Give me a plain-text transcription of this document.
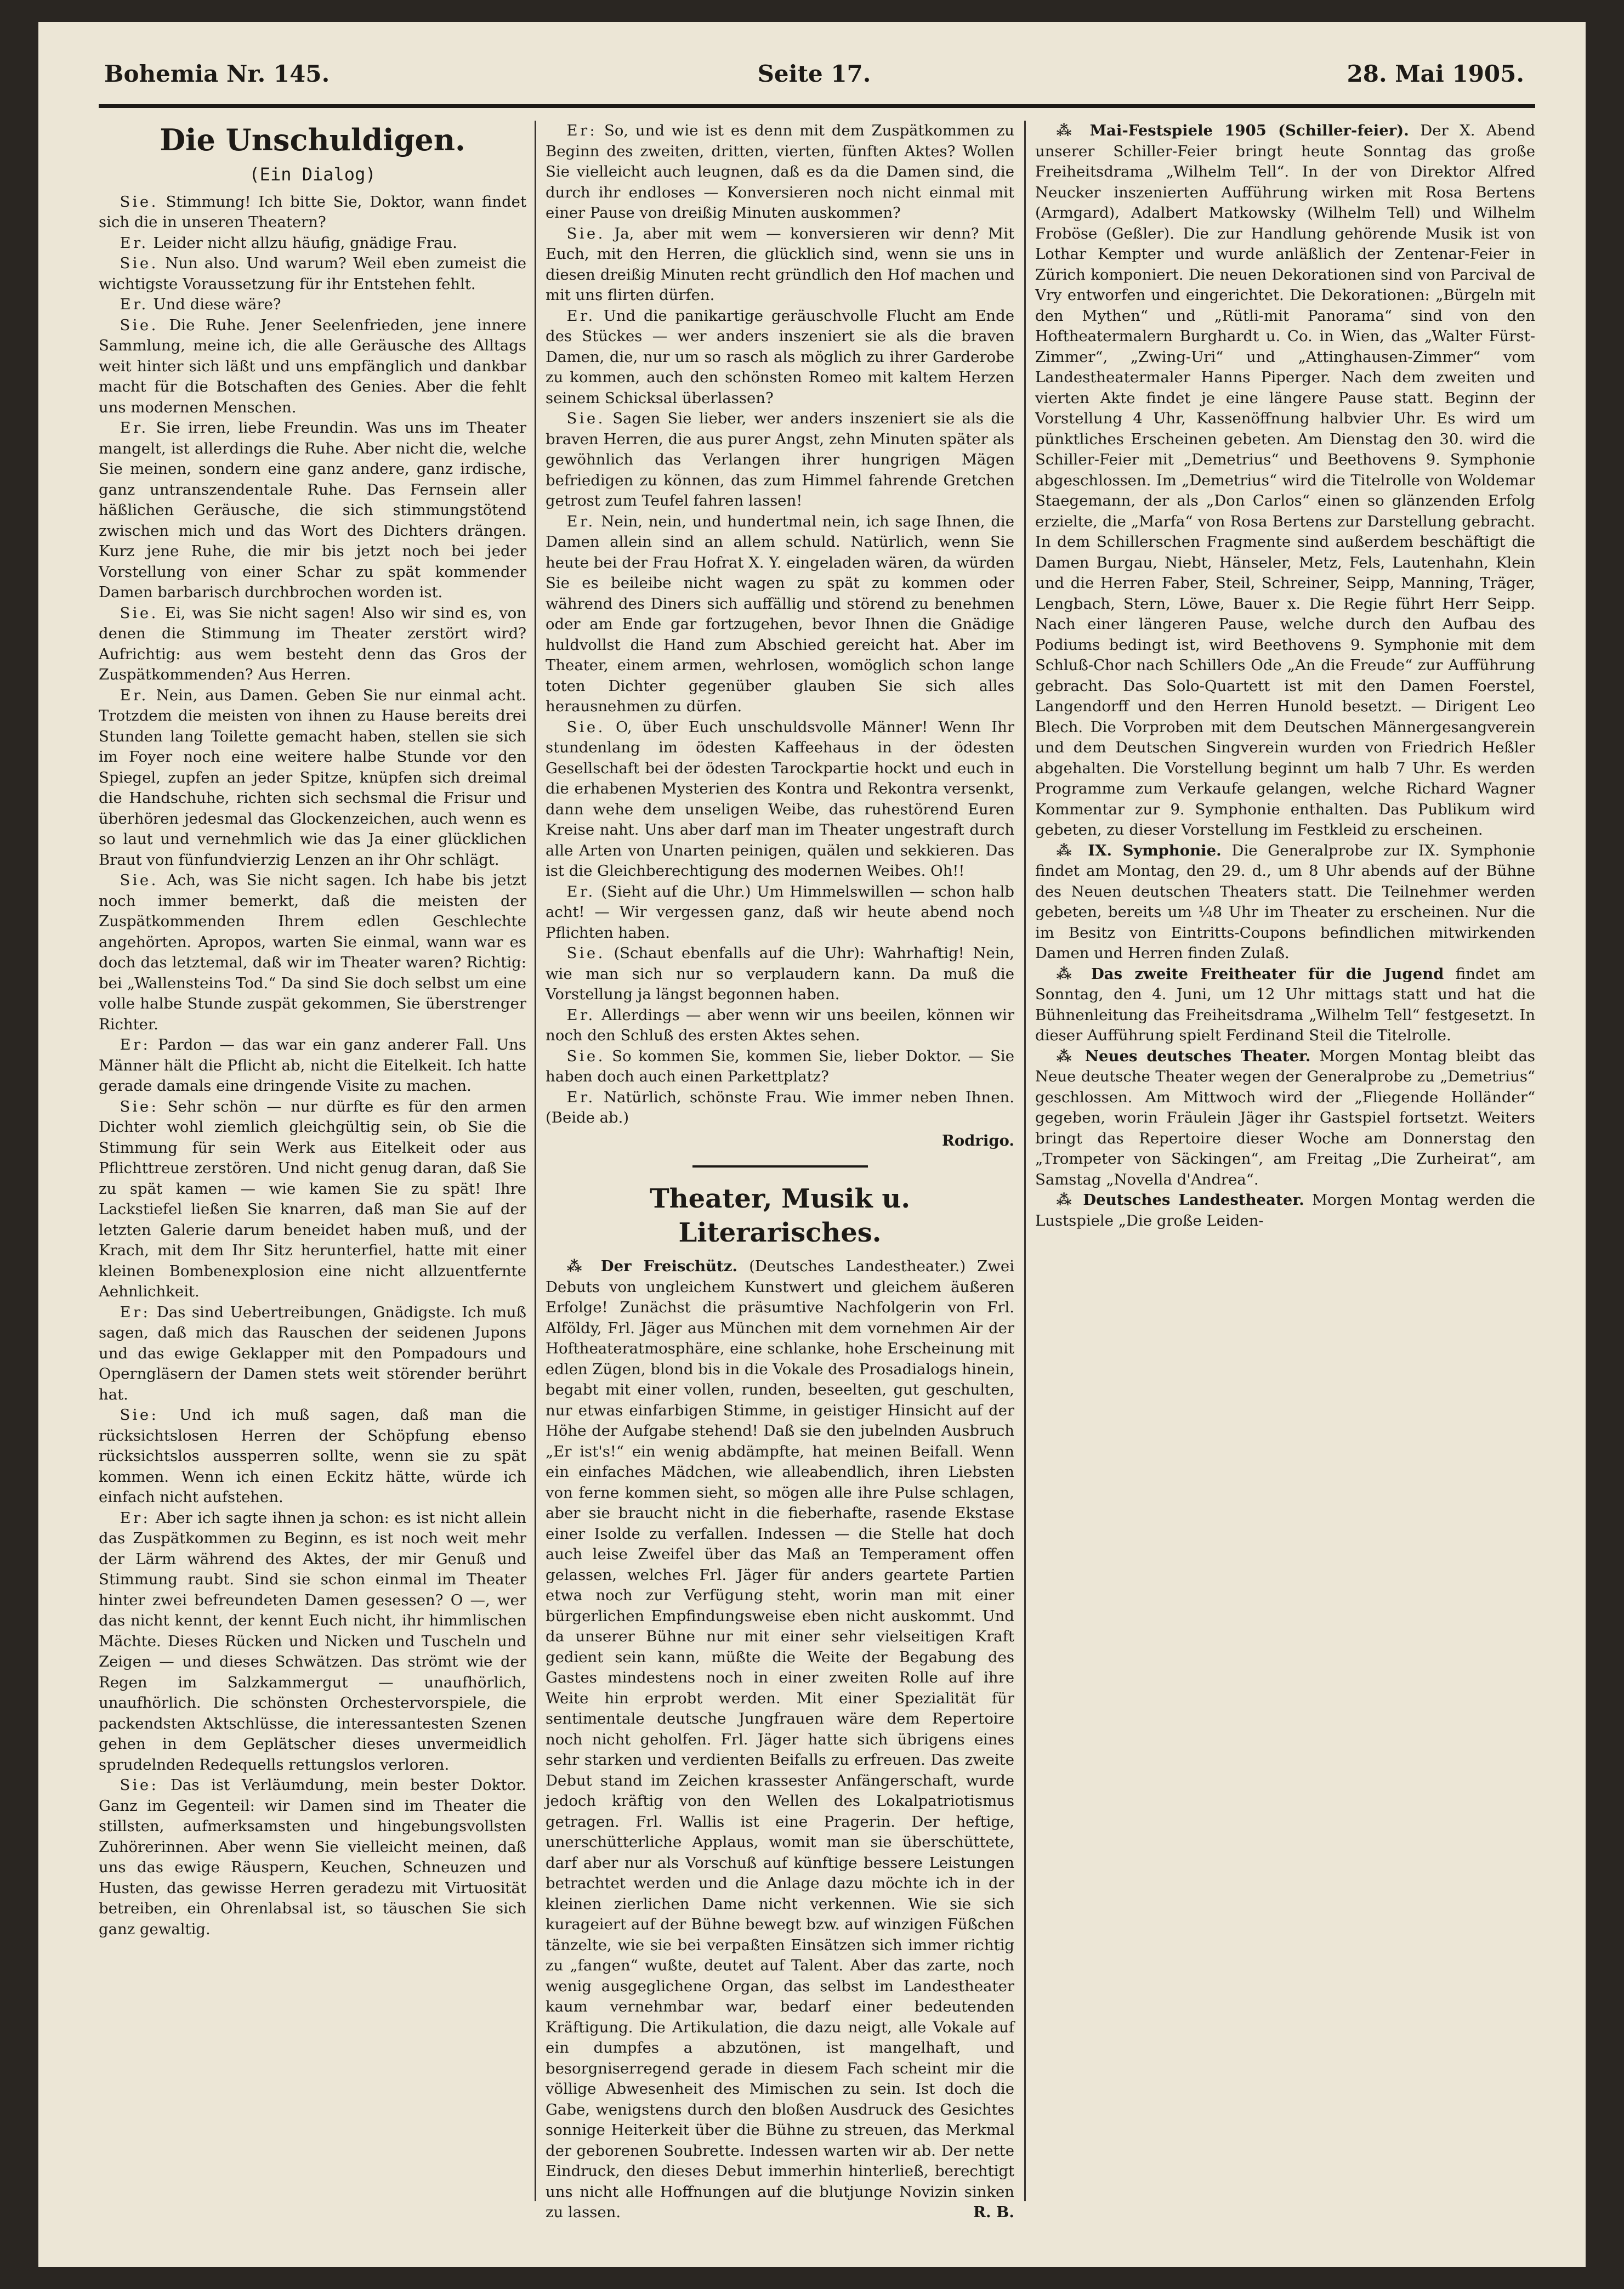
Bohemia Nr. 145.	Seite 17.	28. Mai 1905.
Die Unschuldigen.
(Ein Dialog)

Sie. Stimmung! Ich bitte Sie, Doktor, wann findet sich die in unseren Theatern?

Er. Leider nicht allzu häufig, gnädige Frau.

Sie. Nun also. Und warum? Weil eben zumeist die wichtigste Voraussetzung für ihr Entstehen fehlt.

Er. Und diese wäre?

Sie. Die Ruhe. Jener Seelenfrieden, jene innere Sammlung, meine ich, die alle Geräusche des Alltags weit hinter sich läßt und uns empfänglich und dankbar macht für die Botschaften des Genies. Aber die fehlt uns modernen Menschen.

Er. Sie irren, liebe Freundin. Was uns im Theater mangelt, ist allerdings die Ruhe. Aber nicht die, welche Sie meinen, sondern eine ganz andere, ganz irdische, ganz untranszendentale Ruhe. Das Fernsein aller häßlichen Geräusche, die sich stimmungstötend zwischen mich und das Wort des Dichters drängen. Kurz jene Ruhe, die mir bis jetzt noch bei jeder Vorstellung von einer Schar zu spät kommender Damen barbarisch durchbrochen worden ist.

Sie. Ei, was Sie nicht sagen! Also wir sind es, von denen die Stimmung im Theater zerstört wird? Aufrichtig: aus wem besteht denn das Gros der Zuspätkommenden? Aus Herren.

Er. Nein, aus Damen. Geben Sie nur einmal acht. Trotzdem die meisten von ihnen zu Hause bereits drei Stunden lang Toilette gemacht haben, stellen sie sich im Foyer noch eine weitere halbe Stunde vor den Spiegel, zupfen an jeder Spitze, knüpfen sich dreimal die Handschuhe, richten sich sechsmal die Frisur und überhören jedesmal das Glockenzeichen, auch wenn es so laut und vernehmlich wie das Ja einer glücklichen Braut von fünfundvierzig Lenzen an ihr Ohr schlägt.

Sie. Ach, was Sie nicht sagen. Ich habe bis jetzt noch immer bemerkt, daß die meisten der Zuspätkommenden Ihrem edlen Geschlechte angehörten. Apropos, warten Sie einmal, wann war es doch das letztemal, daß wir im Theater waren? Richtig: bei „Wallensteins Tod.“ Da sind Sie doch selbst um eine volle halbe Stunde zuspät gekommen, Sie überstrenger Richter.

Er: Pardon — das war ein ganz anderer Fall. Uns Männer hält die Pflicht ab, nicht die Eitelkeit. Ich hatte gerade damals eine dringende Visite zu machen.

Sie: Sehr schön — nur dürfte es für den armen Dichter wohl ziemlich gleichgültig sein, ob Sie die Stimmung für sein Werk aus Eitelkeit oder aus Pflichttreue zerstören. Und nicht genug daran, daß Sie zu spät kamen — wie kamen Sie zu spät! Ihre Lackstiefel ließen Sie knarren, daß man Sie auf der letzten Galerie darum beneidet haben muß, und der Krach, mit dem Ihr Sitz herunterfiel, hatte mit einer kleinen Bombenexplosion eine nicht allzuentfernte Aehnlichkeit.

Er: Das sind Uebertreibungen, Gnädigste. Ich muß sagen, daß mich das Rauschen der seidenen Jupons und das ewige Geklapper mit den Pompadours und Operngläsern der Damen stets weit störender berührt hat.

Sie: Und ich muß sagen, daß man die rücksichtslosen Herren der Schöpfung ebenso rücksichtslos aussperren sollte, wenn sie zu spät kommen. Wenn ich einen Eckitz hätte, würde ich einfach nicht aufstehen.

Er: Aber ich sagte ihnen ja schon: es ist nicht allein das Zuspätkommen zu Beginn, es ist noch weit mehr der Lärm während des Aktes, der mir Genuß und Stimmung raubt. Sind sie schon einmal im Theater hinter zwei befreundeten Damen gesessen? O —, wer das nicht kennt, der kennt Euch nicht, ihr himmlischen Mächte. Dieses Rücken und Nicken und Tuscheln und Zeigen — und dieses Schwätzen. Das strömt wie der Regen im Salzkammergut — unaufhörlich, unaufhörlich. Die schönsten Orchestervorspiele, die packendsten Aktschlüsse, die interessantesten Szenen gehen in dem Geplätscher dieses unvermeidlich sprudelnden Redequells rettungslos verloren.

Sie: Das ist Verläumdung, mein bester Doktor. Ganz im Gegenteil: wir Damen sind im Theater die stillsten, aufmerksamsten und hingebungsvollsten Zuhörerinnen. Aber wenn Sie vielleicht meinen, daß uns das ewige Räuspern, Keuchen, Schneuzen und Husten, das gewisse Herren geradezu mit Virtuosität betreiben, ein Ohrenlabsal ist, so täuschen Sie sich ganz gewaltig.

Er: So, und wie ist es denn mit dem Zuspätkommen zu Beginn des zweiten, dritten, vierten, fünften Aktes? Wollen Sie vielleicht auch leugnen, daß es da die Damen sind, die durch ihr endloses — Konversieren noch nicht einmal mit einer Pause von dreißig Minuten auskommen?

Sie. Ja, aber mit wem — konversieren wir denn? Mit Euch, mit den Herren, die glücklich sind, wenn sie uns in diesen dreißig Minuten recht gründlich den Hof machen und mit uns flirten dürfen.

Er. Und die panikartige geräuschvolle Flucht am Ende des Stückes — wer anders inszeniert sie als die braven Damen, die, nur um so rasch als möglich zu ihrer Garderobe zu kommen, auch den schönsten Romeo mit kaltem Herzen seinem Schicksal überlassen?

Sie. Sagen Sie lieber, wer anders inszeniert sie als die braven Herren, die aus purer Angst, zehn Minuten später als gewöhnlich das Verlangen ihrer hungrigen Mägen befriedigen zu können, das zum Himmel fahrende Gretchen getrost zum Teufel fahren lassen!

Er. Nein, nein, und hundertmal nein, ich sage Ihnen, die Damen allein sind an allem schuld. Natürlich, wenn Sie heute bei der Frau Hofrat X. Y. eingeladen wären, da würden Sie es beileibe nicht wagen zu spät zu kommen oder während des Diners sich auffällig und störend zu benehmen oder am Ende gar fortzugehen, bevor Ihnen die Gnädige huldvollst die Hand zum Abschied gereicht hat. Aber im Theater, einem armen, wehrlosen, womöglich schon lange toten Dichter gegenüber glauben Sie sich alles herausnehmen zu dürfen.

Sie. O, über Euch unschuldsvolle Männer! Wenn Ihr stundenlang im ödesten Kaffeehaus in der ödesten Gesellschaft bei der ödesten Tarockpartie hockt und euch in die erhabenen Mysterien des Kontra und Rekontra versenkt, dann wehe dem unseligen Weibe, das ruhestörend Euren Kreise naht. Uns aber darf man im Theater ungestraft durch alle Arten von Unarten peinigen, quälen und sekkieren. Das ist die Gleichberechtigung des modernen Weibes. Oh!!

Er. (Sieht auf die Uhr.) Um Himmelswillen — schon halb acht! — Wir vergessen ganz, daß wir heute abend noch Pflichten haben.

Sie. (Schaut ebenfalls auf die Uhr): Wahrhaftig! Nein, wie man sich nur so verplaudern kann. Da muß die Vorstellung ja längst begonnen haben.

Er. Allerdings — aber wenn wir uns beeilen, können wir noch den Schluß des ersten Aktes sehen.

Sie. So kommen Sie, kommen Sie, lieber Doktor. — Sie haben doch auch einen Parkettplatz?

Er. Natürlich, schönste Frau. Wie immer neben Ihnen. (Beide ab.)

Rodrigo.

Theater, Musik u. Literarisches.

⁂ Der Freischütz. (Deutsches Landestheater.) Zwei Debuts von ungleichem Kunstwert und gleichem äußeren Erfolge! Zunächst die präsumtive Nachfolgerin von Frl. Alföldy, Frl. Jäger aus München mit dem vornehmen Air der Hoftheateratmosphäre, eine schlanke, hohe Erscheinung mit edlen Zügen, blond bis in die Vokale des Prosadialogs hinein, begabt mit einer vollen, runden, beseelten, gut geschulten, nur etwas einfarbigen Stimme, in geistiger Hinsicht auf der Höhe der Aufgabe stehend! Daß sie den jubelnden Ausbruch „Er ist's!“ ein wenig abdämpfte, hat meinen Beifall. Wenn ein einfaches Mädchen, wie alleabendlich, ihren Liebsten von ferne kommen sieht, so mögen alle ihre Pulse schlagen, aber sie braucht nicht in die fieberhafte, rasende Ekstase einer Isolde zu verfallen. Indessen — die Stelle hat doch auch leise Zweifel über das Maß an Temperament offen gelassen, welches Frl. Jäger für anders geartete Partien etwa noch zur Verfügung steht, worin man mit einer bürgerlichen Empfindungsweise eben nicht auskommt. Und da unserer Bühne nur mit einer sehr vielseitigen Kraft gedient sein kann, müßte die Weite der Begabung des Gastes mindestens noch in einer zweiten Rolle auf ihre Weite hin erprobt werden. Mit einer Spezialität für sentimentale deutsche Jungfrauen wäre dem Repertoire noch nicht geholfen. Frl. Jäger hatte sich übrigens eines sehr starken und verdienten Beifalls zu erfreuen. Das zweite Debut stand im Zeichen krassester Anfängerschaft, wurde jedoch kräftig von den Wellen des Lokalpatriotismus getragen. Frl. Wallis ist eine Pragerin. Der heftige, unerschütterliche Applaus, womit man sie überschüttete, darf aber nur als Vorschuß auf künftige bessere Leistungen betrachtet werden und die Anlage dazu möchte ich in der kleinen zierlichen Dame nicht verkennen. Wie sie sich kurageiert auf der Bühne bewegt bzw. auf winzigen Füßchen tänzelte, wie sie bei verpaßten Einsätzen sich immer richtig zu „fangen“ wußte, deutet auf Talent. Aber das zarte, noch wenig ausgeglichene Organ, das selbst im Landestheater kaum vernehmbar war, bedarf einer bedeutenden Kräftigung. Die Artikulation, die dazu neigt, alle Vokale auf ein dumpfes a abzutönen, ist mangelhaft, und besorgniserregend gerade in diesem Fach scheint mir die völlige Abwesenheit des Mimischen zu sein. Ist doch die Gabe, wenigstens durch den bloßen Ausdruck des Gesichtes sonnige Heiterkeit über die Bühne zu streuen, das Merkmal der geborenen Soubrette. Indessen warten wir ab. Der nette Eindruck, den dieses Debut immerhin hinterließ, berechtigt uns nicht alle Hoffnungen auf die blutjunge Novizin sinken zu lassen.	R. B.

⁂ Mai-Festspiele 1905 (Schiller-feier). Der X. Abend unserer Schiller-Feier bringt heute Sonntag das große Freiheitsdrama „Wilhelm Tell“. In der von Direktor Alfred Neucker inszenierten Aufführung wirken mit Rosa Bertens (Armgard), Adalbert Matkowsky (Wilhelm Tell) und Wilhelm Froböse (Geßler). Die zur Handlung gehörende Musik ist von Lothar Kempter und wurde anläßlich der Zentenar-Feier in Zürich komponiert. Die neuen Dekorationen sind von Parcival de Vry entworfen und eingerichtet. Die Dekorationen: „Bürgeln mit den Mythen“ und „Rütli-mit Panorama“ sind von den Hoftheatermalern Burghardt u. Co. in Wien, das „Walter Fürst-Zimmer“, „Zwing-Uri“ und „Attinghausen-Zimmer“ vom Landestheatermaler Hanns Piperger. Nach dem zweiten und vierten Akte findet je eine längere Pause statt. Beginn der Vorstellung 4 Uhr, Kassenöffnung halbvier Uhr. Es wird um pünktliches Erscheinen gebeten. Am Dienstag den 30. wird die Schiller-Feier mit „Demetrius“ und Beethovens 9. Symphonie abgeschlossen. Im „Demetrius“ wird die Titelrolle von Woldemar Staegemann, der als „Don Carlos“ einen so glänzenden Erfolg erzielte, die „Marfa“ von Rosa Bertens zur Darstellung gebracht. In dem Schillerschen Fragmente sind außerdem beschäftigt die Damen Burgau, Niebt, Hänseler, Metz, Fels, Lautenhahn, Klein und die Herren Faber, Steil, Schreiner, Seipp, Manning, Träger, Lengbach, Stern, Löwe, Bauer x. Die Regie führt Herr Seipp. Nach einer längeren Pause, welche durch den Aufbau des Podiums bedingt ist, wird Beethovens 9. Symphonie mit dem Schluß-Chor nach Schillers Ode „An die Freude“ zur Aufführung gebracht. Das Solo-Quartett ist mit den Damen Foerstel, Langendorff und den Herren Hunold besetzt. — Dirigent Leo Blech. Die Vorproben mit dem Deutschen Männergesangverein und dem Deutschen Singverein wurden von Friedrich Heßler abgehalten. Die Vorstellung beginnt um halb 7 Uhr. Es werden Programme zum Verkaufe gelangen, welche Richard Wagner Kommentar zur 9. Symphonie enthalten. Das Publikum wird gebeten, zu dieser Vorstellung im Festkleid zu erscheinen.

⁂ IX. Symphonie. Die Generalprobe zur IX. Symphonie findet am Montag, den 29. d., um 8 Uhr abends auf der Bühne des Neuen deutschen Theaters statt. Die Teilnehmer werden gebeten, bereits um ¼8 Uhr im Theater zu erscheinen. Nur die im Besitz von Eintritts-Coupons befindlichen mitwirkenden Damen und Herren finden Zulaß.

⁂ Das zweite Freitheater für die Jugend findet am Sonntag, den 4. Juni, um 12 Uhr mittags statt und hat die Bühnenleitung das Freiheitsdrama „Wilhelm Tell“ festgesetzt. In dieser Aufführung spielt Ferdinand Steil die Titelrolle.

⁂ Neues deutsches Theater. Morgen Montag bleibt das Neue deutsche Theater wegen der Generalprobe zu „Demetrius“ geschlossen. Am Mittwoch wird der „Fliegende Holländer“ gegeben, worin Fräulein Jäger ihr Gastspiel fortsetzt. Weiters bringt das Repertoire dieser Woche am Donnerstag den „Trompeter von Säckingen“, am Freitag „Die Zurheirat“, am Samstag „Novella d'Andrea“.

⁂ Deutsches Landestheater. Morgen Montag werden die Lustspiele „Die große Leiden-
